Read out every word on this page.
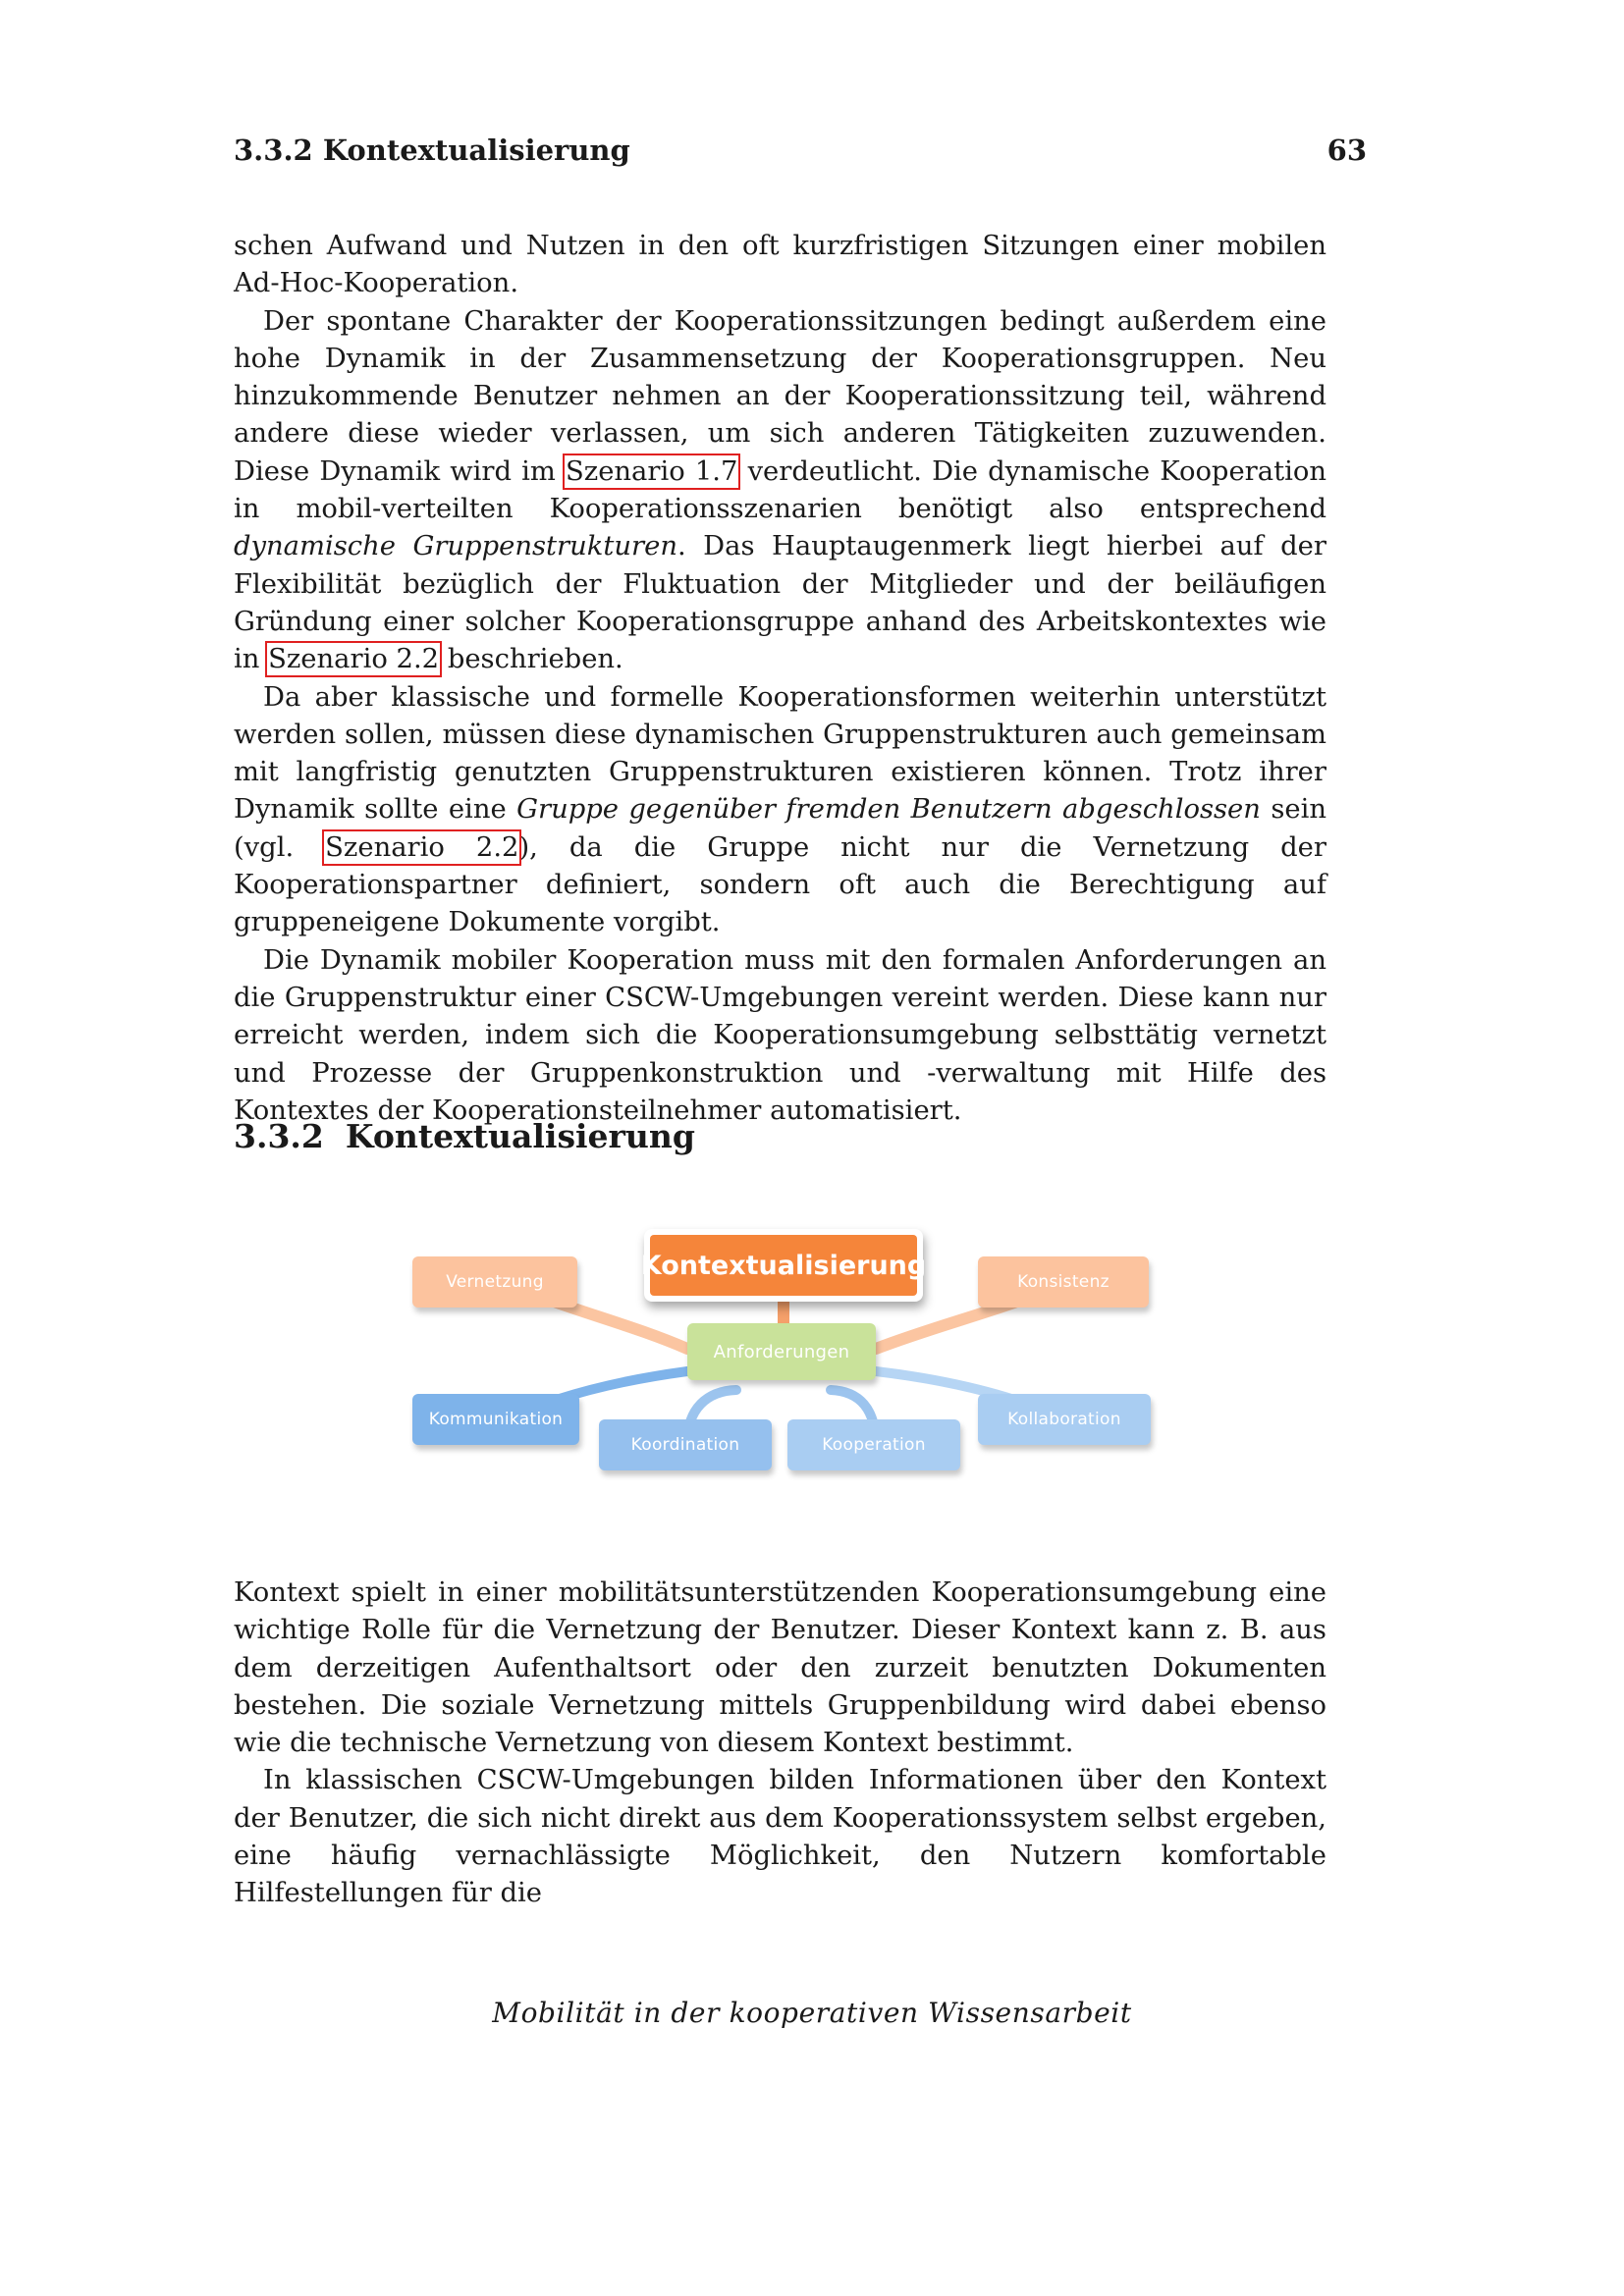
3.3.2 Kontextualisierung	63

schen Aufwand und Nutzen in den oft kurzfristigen Sitzungen einer mobilen Ad-Hoc-Kooperation.

Der spontane Charakter der Kooperationssitzungen bedingt außerdem eine hohe Dynamik in der Zusammensetzung der Kooperationsgruppen. Neu hinzukommende Benutzer nehmen an der Kooperationssitzung teil, während andere diese wieder verlassen, um sich anderen Tätigkeiten zuzuwenden. Diese Dynamik wird im Szenario 1.7 verdeutlicht. Die dynamische Kooperation in mobil-verteilten Kooperationsszenarien benötigt also entsprechend dynamische Gruppenstrukturen. Das Hauptaugenmerk liegt hierbei auf der Flexibilität bezüglich der Fluktuation der Mitglieder und der beiläufigen Gründung einer solcher Kooperationsgruppe anhand des Arbeitskontextes wie in Szenario 2.2 beschrieben.

Da aber klassische und formelle Kooperationsformen weiterhin unterstützt werden sollen, müssen diese dynamischen Gruppenstrukturen auch gemeinsam mit langfristig genutzten Gruppenstrukturen existieren können. Trotz ihrer Dynamik sollte eine Gruppe gegenüber fremden Benutzern abgeschlossen sein (vgl. Szenario 2.2), da die Gruppe nicht nur die Vernetzung der Kooperationspartner definiert, sondern oft auch die Berechtigung auf gruppeneigene Dokumente vorgibt.

Die Dynamik mobiler Kooperation muss mit den formalen Anforderungen an die Gruppenstruktur einer CSCW-Umgebungen vereint werden. Diese kann nur erreicht werden, indem sich die Kooperationsumgebung selbsttätig vernetzt und Prozesse der Gruppenkonstruktion und -verwaltung mit Hilfe des Kontextes der Kooperationsteilnehmer automatisiert.

3.3.2 Kontextualisierung
Vernetzung	Konsistenz
Kontextualisierung
Anforderungen
Kommunikation
Koordination	Kooperation
Kollaboration

Kontext spielt in einer mobilitätsunterstützenden Kooperationsumgebung eine wichtige Rolle für die Vernetzung der Benutzer. Dieser Kontext kann z. B. aus dem derzeitigen Aufenthaltsort oder den zurzeit benutzten Dokumenten bestehen. Die soziale Vernetzung mittels Gruppenbildung wird dabei ebenso wie die technische Vernetzung von diesem Kontext bestimmt.

In klassischen CSCW-Umgebungen bilden Informationen über den Kontext der Benutzer, die sich nicht direkt aus dem Kooperationssystem selbst ergeben, eine häufig vernachlässigte Möglichkeit, den Nutzern komfortable Hilfestellungen für die

Mobilität in der kooperativen Wissensarbeit
